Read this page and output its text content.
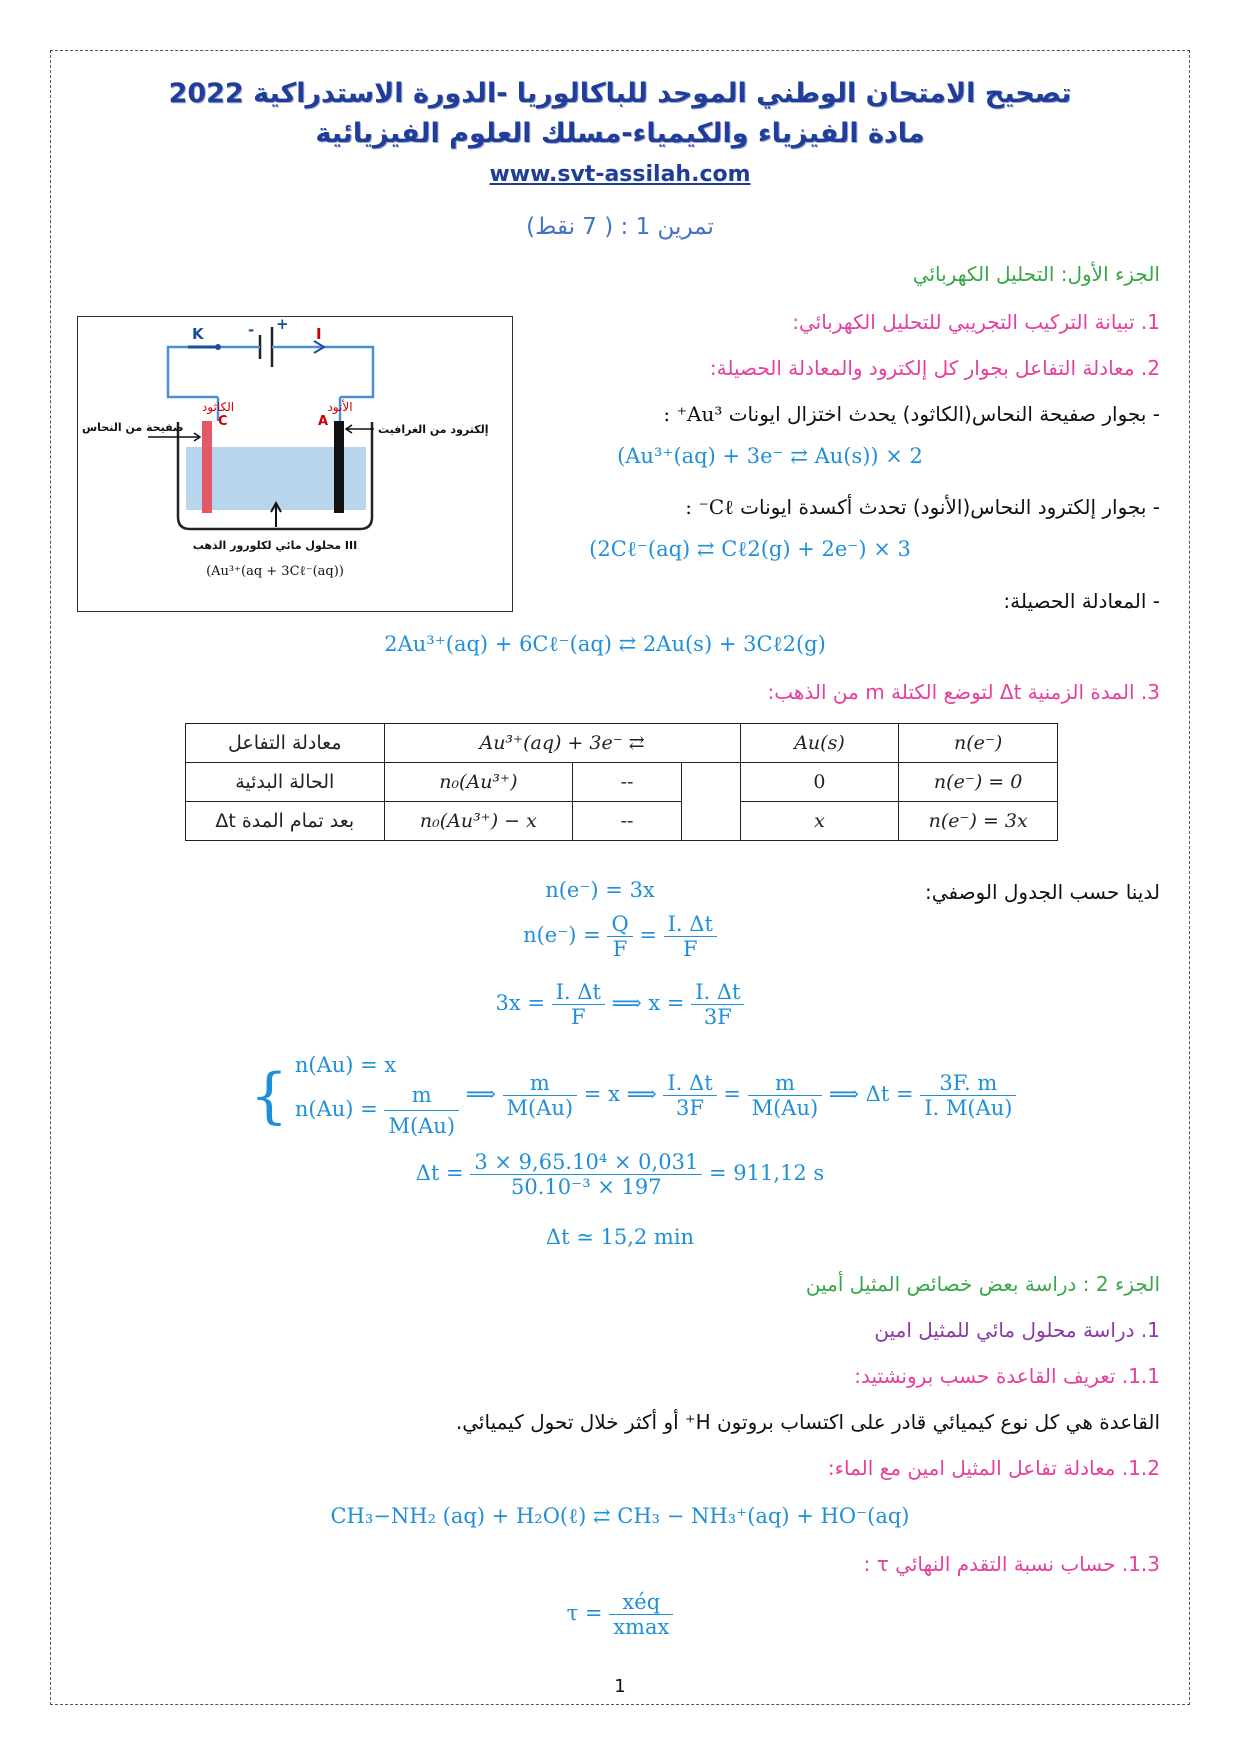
تصحيح الامتحان الوطني الموحد للباكالوريا -الدورة الاستدراكية 2022
مادة الفيزياء والكيمياء-مسلك العلوم الفيزيائية
www.svt-assilah.com
تمرين 1 : ( 7 نقط)
الجزء الأول: التحليل الكهربائي
1. تبيانة التركيب التجريبي للتحليل الكهربائي:
2. معادلة التفاعل بجوار كل إلكترود والمعادلة الحصيلة:
- بجوار صفيحة النحاس(الكاثود) يحدث اختزال ايونات Au³⁺ :
(Au³⁺(aq) + 3e⁻ ⇄ Au(s)) × 2
- بجوار إلكترود النحاس(الأنود) تحدث أكسدة ايونات Cℓ⁻ :
(2Cℓ⁻(aq) ⇄ Cℓ2(g) + 2e⁻) × 3
- المعادلة الحصيلة:
2Au³⁺(aq) + 6Cℓ⁻(aq) ⇄ 2Au(s) + 3Cℓ2(g)
3. المدة الزمنية Δt لتوضع الكتلة m من الذهب:
K	- +
I
الكاثود
C
الأنود
A
صفيحة من النحاس	إلكترود من الغرافيت
محلول مائي لكلورور الذهب III
(Au³⁺(aq + 3Cℓ⁻(aq))
معادلة التفاعل	Au³⁺(aq) + 3e⁻ ⇄			Au(s)	n(e⁻)
الحالة البدئية	n₀(Au³⁺)	--		0	n(e⁻) = 0
بعد تمام المدة Δt	n₀(Au³⁺) − x	--		x	n(e⁻) = 3x
لدينا حسب الجدول الوصفي:
n(e⁻) = 3x
$n(e^-) = \frac{Q}{F} = \frac{I. \Delta t}{F}$
$3x = \frac{I. \Delta t}{F}$ ⟹ $x = \frac{I. \Delta t}{3F}$
{ n(Au) = x
$n(Au) = \frac{m}{M(Au)}$ ⟹ $\frac{m}{M(Au)} = x$ ⟹ $\frac{I. \Delta t}{3F} = \frac{m}{M(Au)}$ ⟹ $\Delta t = \frac{3F. m}{I. M(Au)}$
$\Delta t = \frac{\text{3 × 9,65.10⁴ × 0,031}}{\text{50.10⁻³ × 197}} = 911,12$ s
Δt ≃ 15,2 min
الجزء 2 : دراسة بعض خصائص المثيل أمين
1. دراسة محلول مائي للمثيل امين
1.1. تعريف القاعدة حسب برونشتيد:
القاعدة هي كل نوع كيميائي قادر على اكتساب بروتون H⁺ أو أكثر خلال تحول كيميائي.
1.2. معادلة تفاعل المثيل امين مع الماء:
CH₃−NH₂ (aq) + H₂O(ℓ) ⇄ CH₃ − NH₃⁺(aq) + HO⁻(aq)
1.3. حساب نسبة التقدم النهائي τ :
$\tau = \frac{\text{xéq}}{xmax}$
1
